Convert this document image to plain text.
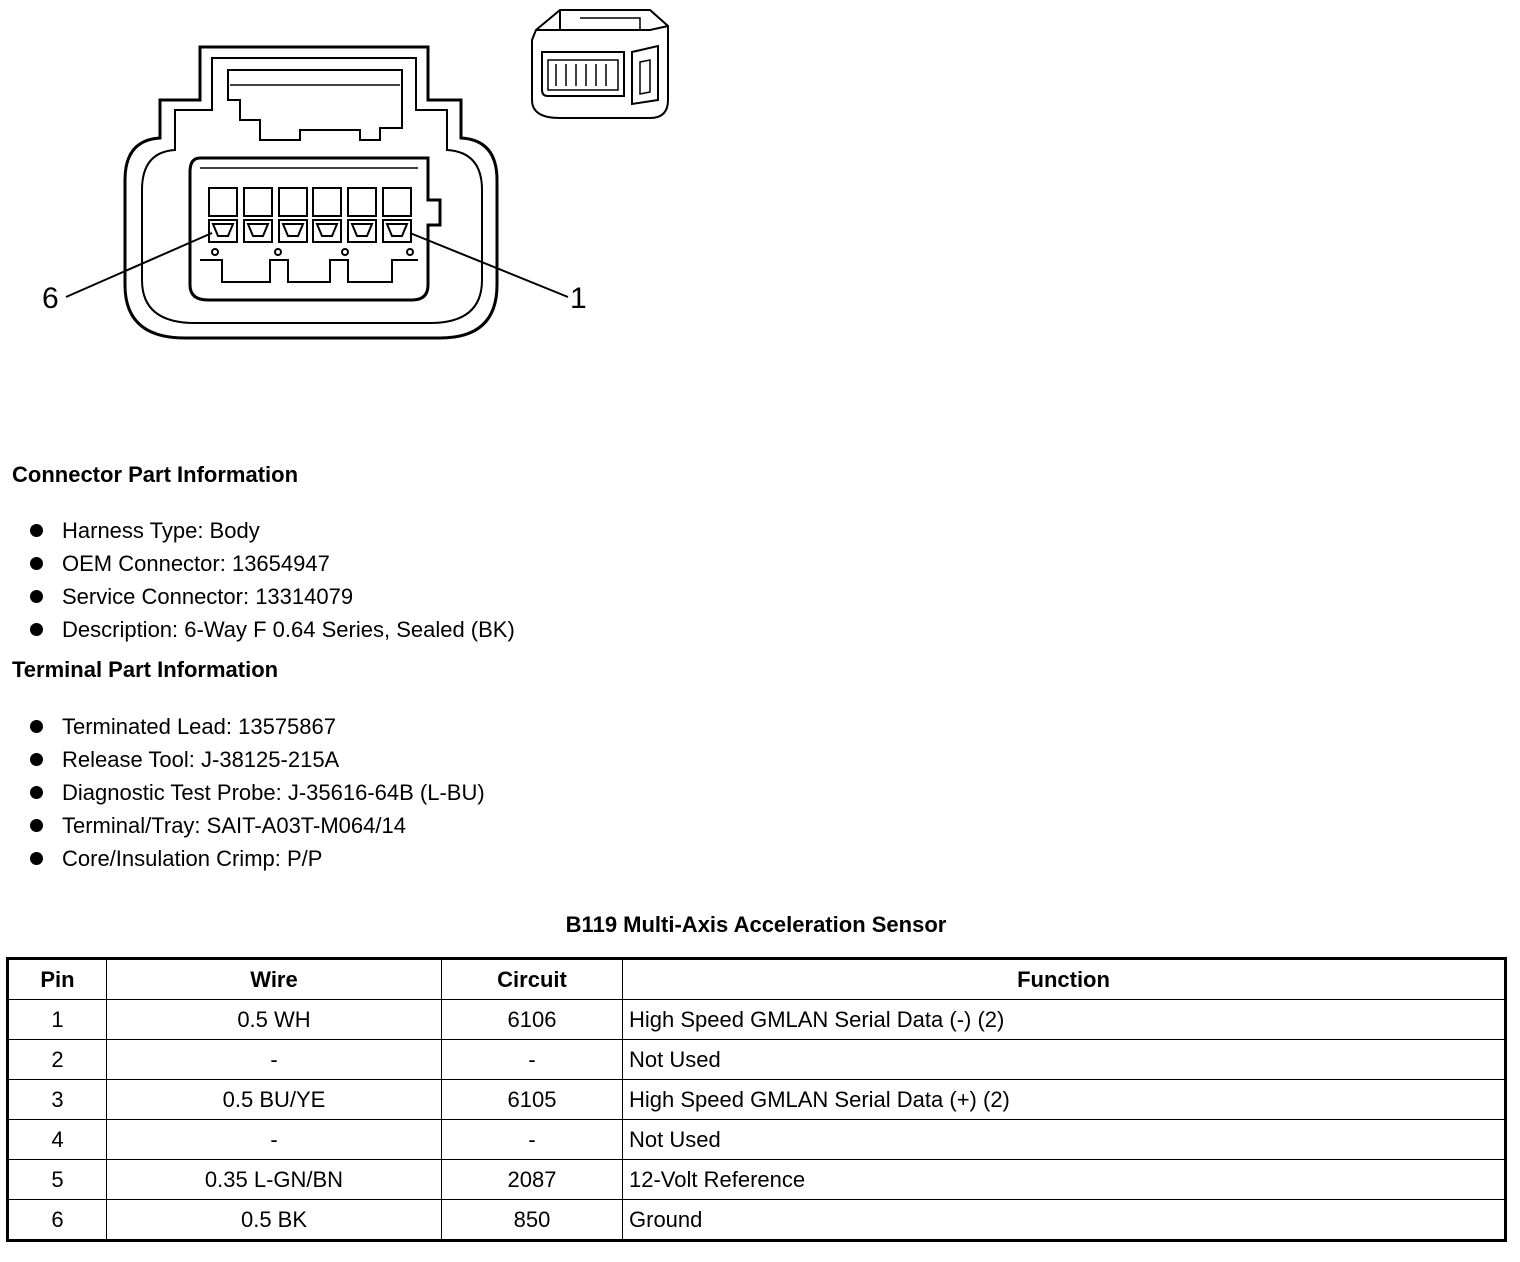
6	1
Connector Part Information
Harness Type: Body
OEM Connector: 13654947
Service Connector: 13314079
Description: 6-Way F 0.64 Series, Sealed (BK)
Terminal Part Information
Terminated Lead: 13575867
Release Tool: J-38125-215A
Diagnostic Test Probe: J-35616-64B (L-BU)
Terminal/Tray: SAIT-A03T-M064/14
Core/Insulation Crimp: P/P
B119 Multi-Axis Acceleration Sensor
Pin	Wire	Circuit	Function
1	0.5 WH	6106	High Speed GMLAN Serial Data (-) (2)
2	-	-	Not Used
3	0.5 BU/YE	6105	High Speed GMLAN Serial Data (+) (2)
4	-	-	Not Used
5	0.35 L-GN/BN	2087	12-Volt Reference
6	0.5 BK	850	Ground
